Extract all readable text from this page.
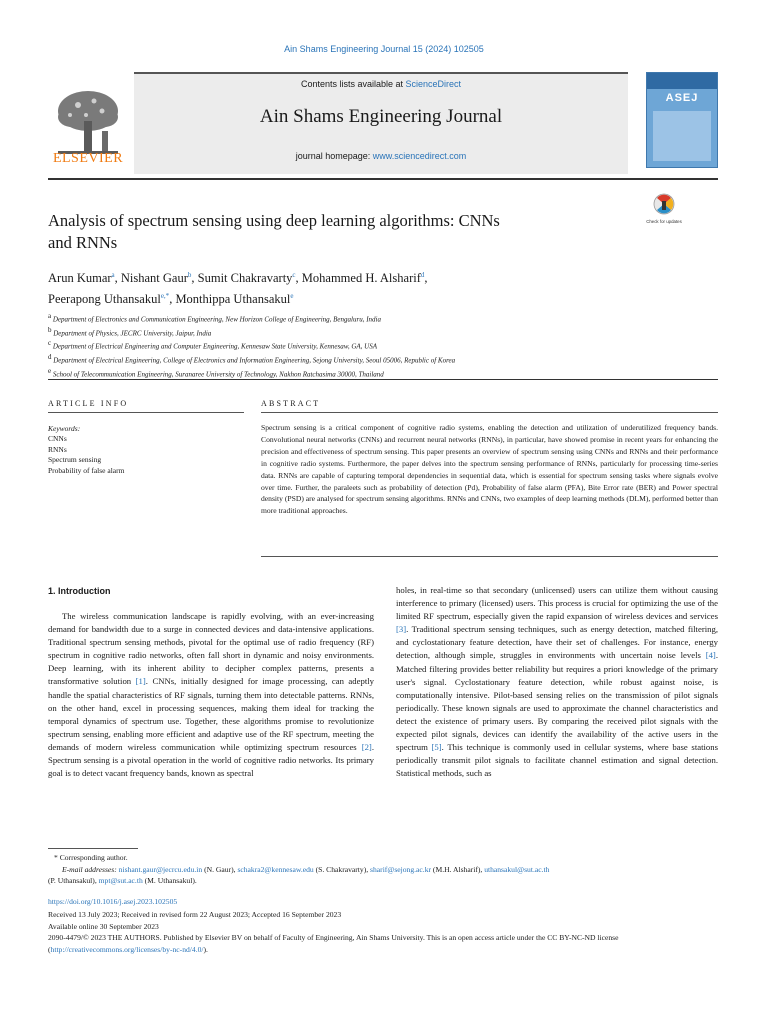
Ain Shams Engineering Journal 15 (2024) 102505
Contents lists available at ScienceDirect
Ain Shams Engineering Journal
journal homepage: www.sciencedirect.com
ELSEVIER
ASEJ
Analysis of spectrum sensing using deep learning algorithms: CNNs
and RNNs
Check for updates
Arun Kumar$^a$, Nishant Gaur$^b$, Sumit Chakravarty$^c$, Mohammed H. Alsharif$^d$,
Peerapong Uthansakul$^{e,*}$, Monthippa Uthansakul$^e$
$^a$ Department of Electronics and Communication Engineering, New Horizon College of Engineering, Bengaluru, India
$^b$ Department of Physics, JECRC University, Jaipur, India
$^c$ Department of Electrical Engineering and Computer Engineering, Kennesaw State University, Kennesaw, GA, USA
$^d$ Department of Electrical Engineering, College of Electronics and Information Engineering, Sejong University, Seoul 05006, Republic of Korea
$^e$ School of Telecommunication Engineering, Suranaree University of Technology, Nakhon Ratchasima 30000, Thailand
ARTICLE INFO	ABSTRACT
Keywords:
CNNs
RNNs
Spectrum sensing
Probability of false alarm
Spectrum sensing is a critical component of cognitive radio systems, enabling the detection and utilization of underutilized frequency bands. Convolutional neural networks (CNNs) and recurrent neural networks (RNNs), in particular, have showed promise in recent years for enhancing the precision and effectiveness of spectrum sensing. This paper presents an overview of spectrum sensing using CNNs and RNNs and their performance in cognitive radio systems. Furthermore, the paper delves into the spectrum sensing performance of RNNs, particularly for processing time-series data. RNNs are capable of capturing temporal dependencies in sequential data, which is essential for spectrum sensing tasks where signals evolve over time. Further, the paraleets such as probability of detection (Pd), Probability of false alarm (PFA), Bite Error rate (BER) and Power spectral density (PSD) are analysed for spectrum sensing algorithms. RNNs and CNNs, two examples of deep learning methods (DLM), performed better than more traditional approaches.
1. Introduction
The wireless communication landscape is rapidly evolving, with an ever-increasing demand for bandwidth due to a surge in connected devices and data-intensive applications. Traditional spectrum sensing methods, pivotal for the optimal use of radio frequency (RF) spectrum in cognitive radio networks, often fall short in dynamic and noisy environments. Deep learning, with its inherent ability to decipher complex patterns, presents a transformative solution [1]. CNNs, initially designed for image processing, can adeptly handle the spatial characteristics of RF signals, turning them into detectable patterns. RNNs, on the other hand, excel in processing sequences, making them ideal for tracking the temporal dynamics of spectrum use. Together, these algorithms promise to revolutionize spectrum sensing, enabling more efficient and adaptive use of the RF spectrum, meeting the demands of modern wireless communication while optimizing spectrum resources [2]. Spectrum sensing is a pivotal operation in the world of cognitive radio networks. Its primary goal is to detect vacant frequency bands, known as spectral
holes, in real-time so that secondary (unlicensed) users can utilize them without causing interference to primary (licensed) users. This process is crucial for optimizing the use of the limited RF spectrum, especially given the rapid expansion of wireless devices and services [3]. Traditional spectrum sensing techniques, such as energy detection, matched filtering, and cyclostationary feature detection, have their set of challenges. For instance, energy detection, although simple, struggles in environments with uncertain noise levels [4]. Matched filtering provides better reliability but requires a priori knowledge of the primary user's signal. Cyclostationary feature detection, while robust against noise, is computationally intensive. Pilot-based sensing relies on the transmission of pilot signals periodically. These known signals are used to approximate the channel characteristics and detect the existence of primary users. By comparing the received pilot signals with the expected pilot signals, devices can identify the availability of the active users in the spectrum [5]. This technique is commonly used in cellular systems, where base stations periodically transmit pilot signals to facilitate channel estimation and signal detection. Statistical methods, such as
* Corresponding author.
E-mail addresses: nishant.gaur@jecrcu.edu.in (N. Gaur), schakra2@kennesaw.edu (S. Chakravarty), sharif@sejong.ac.kr (M.H. Alsharif), uthansakul@sut.ac.th
(P. Uthansakul), mpt@sut.ac.th (M. Uthansakul).
https://doi.org/10.1016/j.asej.2023.102505
Received 13 July 2023; Received in revised form 22 August 2023; Accepted 16 September 2023
Available online 30 September 2023
2090-4479/© 2023 THE AUTHORS. Published by Elsevier BV on behalf of Faculty of Engineering, Ain Shams University. This is an open access article under the CC BY-NC-ND license (http://creativecommons.org/licenses/by-nc-nd/4.0/).
